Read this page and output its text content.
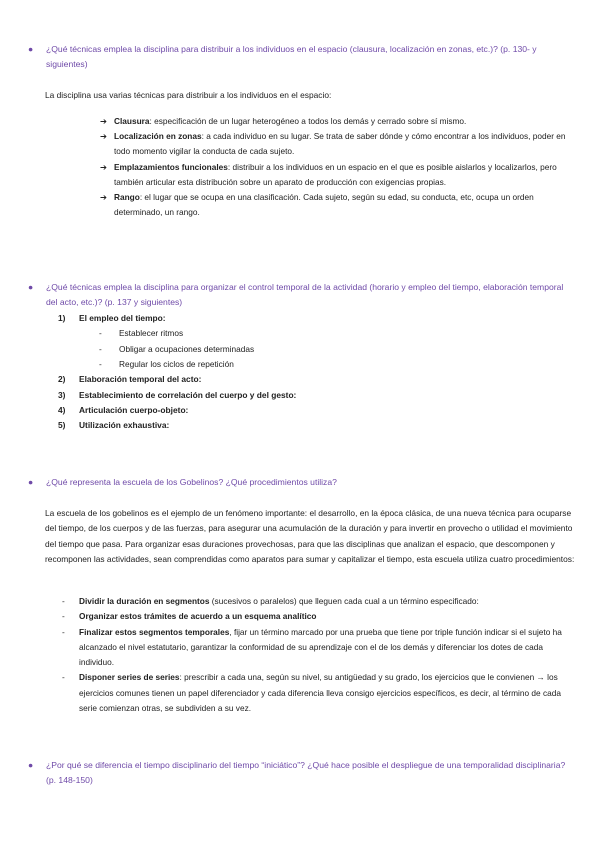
●	¿Qué técnicas emplea la disciplina para distribuir a los individuos en el espacio (clausura, localización en zonas, etc.)? (p. 130- y siguientes)
La disciplina usa varias técnicas para distribuir a los individuos en el espacio:
➔ Clausura: especificación de un lugar heterogéneo a todos los demás y cerrado sobre sí mismo.
➔ Localización en zonas: a cada individuo en su lugar. Se trata de saber dónde y cómo encontrar a los individuos, poder en todo momento vigilar la conducta de cada sujeto.
➔ Emplazamientos funcionales: distribuir a los individuos en un espacio en el que es posible aislarlos y localizarlos, pero también articular esta distribución sobre un aparato de producción con exigencias propias.
➔ Rango: el lugar que se ocupa en una clasificación. Cada sujeto, según su edad, su conducta, etc, ocupa un orden determinado, un rango.
●	¿Qué técnicas emplea la disciplina para organizar el control temporal de la actividad (horario y empleo del tiempo, elaboración temporal del acto, etc.)? (p. 137 y siguientes)
1) El empleo del tiempo:
- Establecer ritmos
- Obligar a ocupaciones determinadas
- Regular los ciclos de repetición
2) Elaboración temporal del acto:
3) Establecimiento de correlación del cuerpo y del gesto:
4) Articulación cuerpo-objeto:
5) Utilización exhaustiva:
●	¿Qué representa la escuela de los Gobelinos? ¿Qué procedimientos utiliza?
La escuela de los gobelinos es el ejemplo de un fenómeno importante: el desarrollo, en la época clásica, de una nueva técnica para ocuparse del tiempo, de los cuerpos y de las fuerzas, para asegurar una acumulación de la duración y para invertir en provecho o utilidad el movimiento del tiempo que pasa. Para organizar esas duraciones provechosas, para que las disciplinas que analizan el espacio, que descomponen y recomponen las actividades, sean comprendidas como aparatos para sumar y capitalizar el tiempo, esta escuela utiliza cuatro procedimientos:
- Dividir la duración en segmentos (sucesivos o paralelos) que lleguen cada cual a un término especificado:
- Organizar estos trámites de acuerdo a un esquema analítico
- Finalizar estos segmentos temporales, fijar un término marcado por una prueba que tiene por triple función indicar si el sujeto ha alcanzado el nivel estatutario, garantizar la conformidad de su aprendizaje con el de los demás y diferenciar los dotes de cada individuo.
- Disponer series de series: prescribir a cada una, según su nivel, su antigüedad y su grado, los ejercicios que le convienen → los ejercicios comunes tienen un papel diferenciador y cada diferencia lleva consigo ejercicios específicos, es decir, al término de cada serie comienzan otras, se subdividen a su vez.
●	¿Por qué se diferencia el tiempo disciplinario del tiempo “iniciático”? ¿Qué hace posible el despliegue de una temporalidad disciplinaria? (p. 148-150)
